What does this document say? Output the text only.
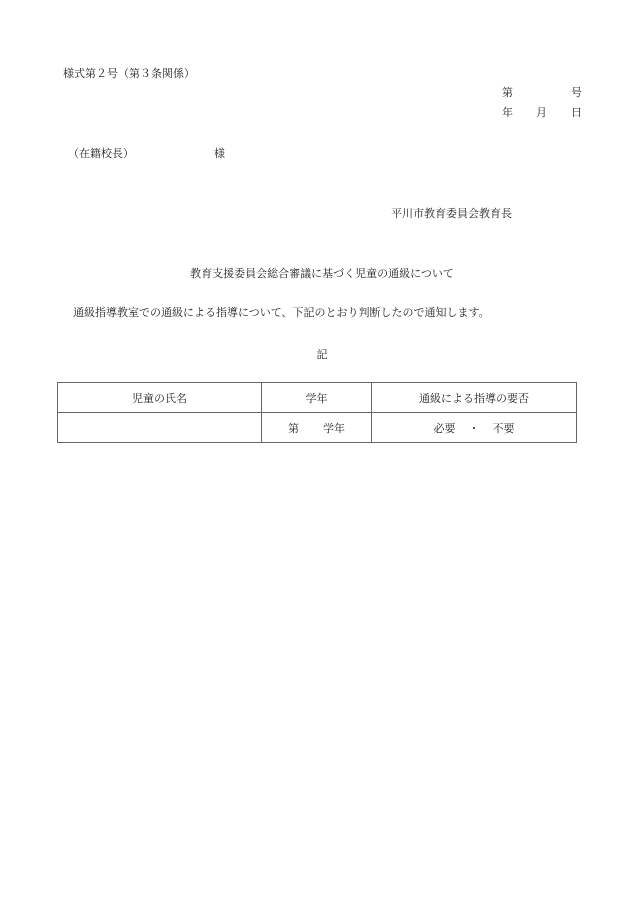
様式第２号（第３条関係）
第	号
年 月 日
（在籍校長）	様
平川市教育委員会教育長
教育支援委員会総合審議に基づく児童の通級について
通級指導教室での通級による指導について、下記のとおり判断したので通知します。
記
児童の氏名	学年	通級による指導の要否
	第 学年	必要 ・ 不要
